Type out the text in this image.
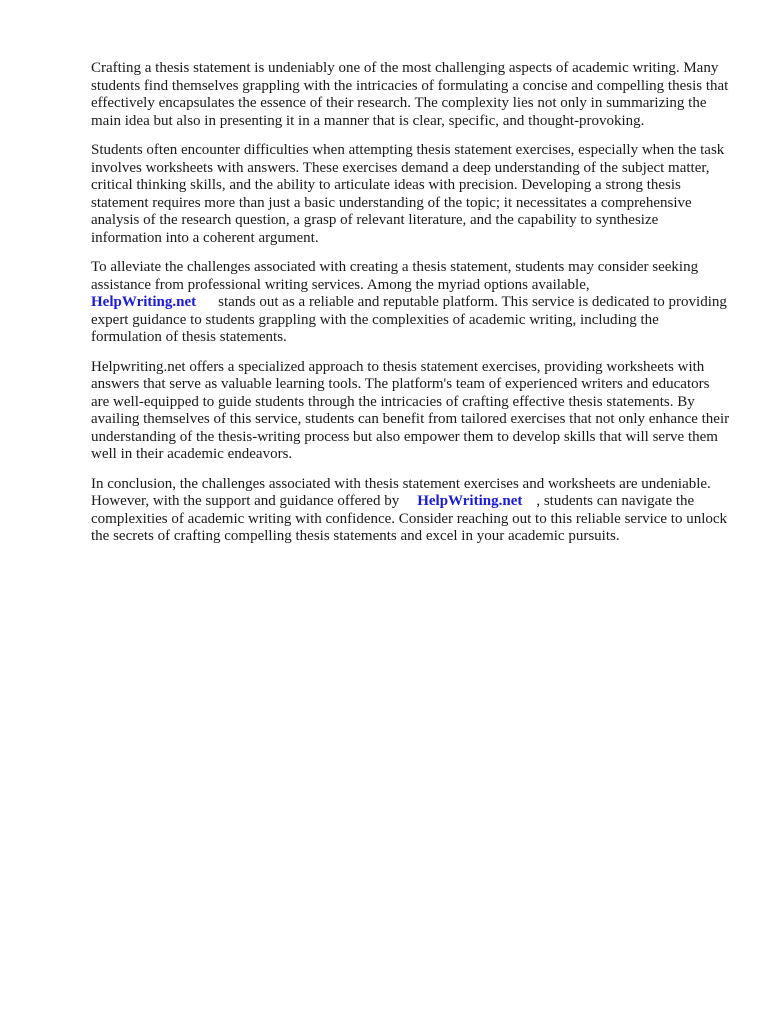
Crafting a thesis statement is undeniably one of the most challenging aspects of academic writing. Many students find themselves grappling with the intricacies of formulating a concise and compelling thesis that effectively encapsulates the essence of their research. The complexity lies not only in summarizing the main idea but also in presenting it in a manner that is clear, specific, and thought-provoking.

Students often encounter difficulties when attempting thesis statement exercises, especially when the task involves worksheets with answers. These exercises demand a deep understanding of the subject matter, critical thinking skills, and the ability to articulate ideas with precision. Developing a strong thesis statement requires more than just a basic understanding of the topic; it necessitates a comprehensive analysis of the research question, a grasp of relevant literature, and the capability to synthesize information into a coherent argument.

To alleviate the challenges associated with creating a thesis statement, students may consider seeking assistance from professional writing services. Among the myriad options available,
HelpWriting.net stands out as a reliable and reputable platform. This service is dedicated to providing expert guidance to students grappling with the complexities of academic writing, including the formulation of thesis statements.

Helpwriting.net offers a specialized approach to thesis statement exercises, providing worksheets with answers that serve as valuable learning tools. The platform's team of experienced writers and educators are well-equipped to guide students through the intricacies of crafting effective thesis statements. By availing themselves of this service, students can benefit from tailored exercises that not only enhance their understanding of the thesis-writing process but also empower them to develop skills that will serve them well in their academic endeavors.

In conclusion, the challenges associated with thesis statement exercises and worksheets are undeniable. However, with the support and guidance offered by HelpWriting.net , students can navigate the complexities of academic writing with confidence. Consider reaching out to this reliable service to unlock the secrets of crafting compelling thesis statements and excel in your academic pursuits.
